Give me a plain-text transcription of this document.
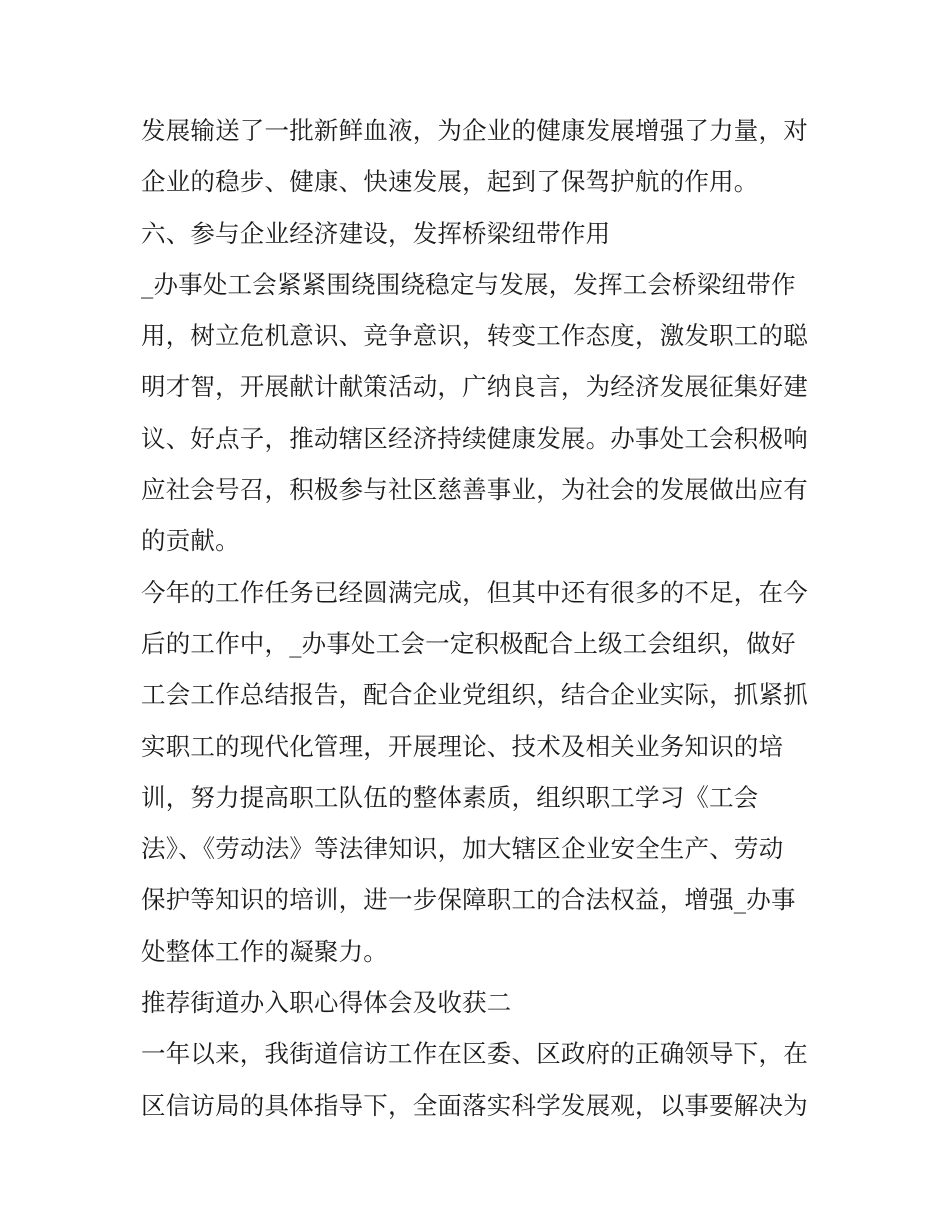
发展输送了一批新鲜血液，为企业的健康发展增强了力量，对
企业的稳步、健康、快速发展，起到了保驾护航的作用。
六、参与企业经济建设，发挥桥梁纽带作用
_办事处工会紧紧围绕围绕稳定与发展，发挥工会桥梁纽带作
用，树立危机意识、竞争意识，转变工作态度，激发职工的聪
明才智，开展献计献策活动，广纳良言，为经济发展征集好建
议、好点子，推动辖区经济持续健康发展。办事处工会积极响
应社会号召，积极参与社区慈善事业，为社会的发展做出应有
的贡献。
今年的工作任务已经圆满完成，但其中还有很多的不足，在今
后的工作中，_办事处工会一定积极配合上级工会组织，做好
工会工作总结报告，配合企业党组织，结合企业实际，抓紧抓
实职工的现代化管理，开展理论、技术及相关业务知识的培
训，努力提高职工队伍的整体素质，组织职工学习《工会
法》、《劳动法》等法律知识，加大辖区企业安全生产、劳动
保护等知识的培训，进一步保障职工的合法权益，增强_办事
处整体工作的凝聚力。
推荐街道办入职心得体会及收获二
一年以来，我街道信访工作在区委、区政府的正确领导下，在
区信访局的具体指导下，全面落实科学发展观，以事要解决为
